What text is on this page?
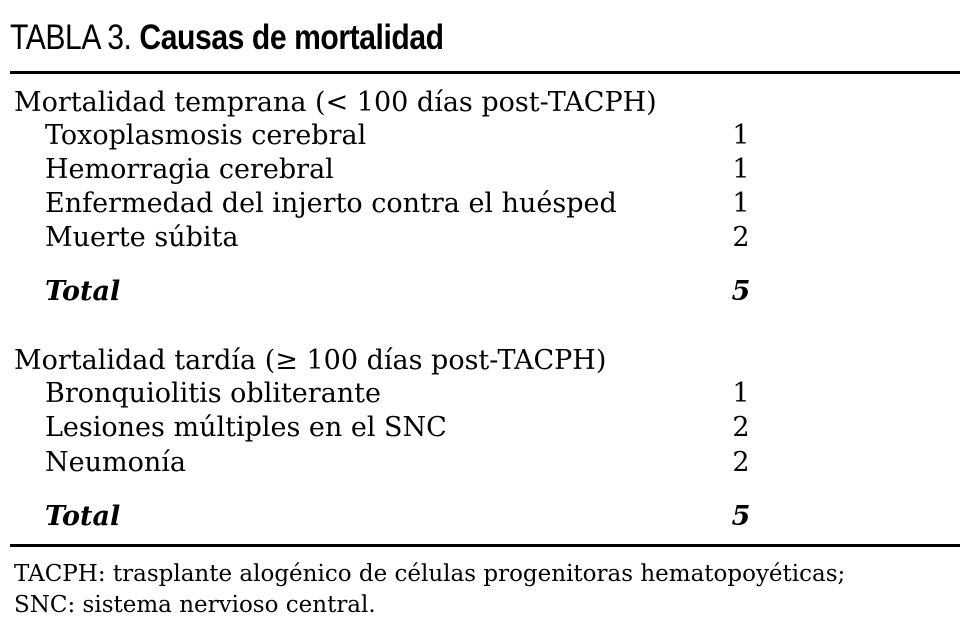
TABLA 3. Causas de mortalidad
Mortalidad temprana (< 100 días post-TACPH)
Toxoplasmosis cerebral	1
Hemorragia cerebral	1
Enfermedad del injerto contra el huésped	1
Muerte súbita	2
Total	5
Mortalidad tardía (≥ 100 días post-TACPH)
Bronquiolitis obliterante	1
Lesiones múltiples en el SNC	2
Neumonía	2
Total	5
TACPH: trasplante alogénico de células progenitoras hematopoyéticas;
SNC: sistema nervioso central.
